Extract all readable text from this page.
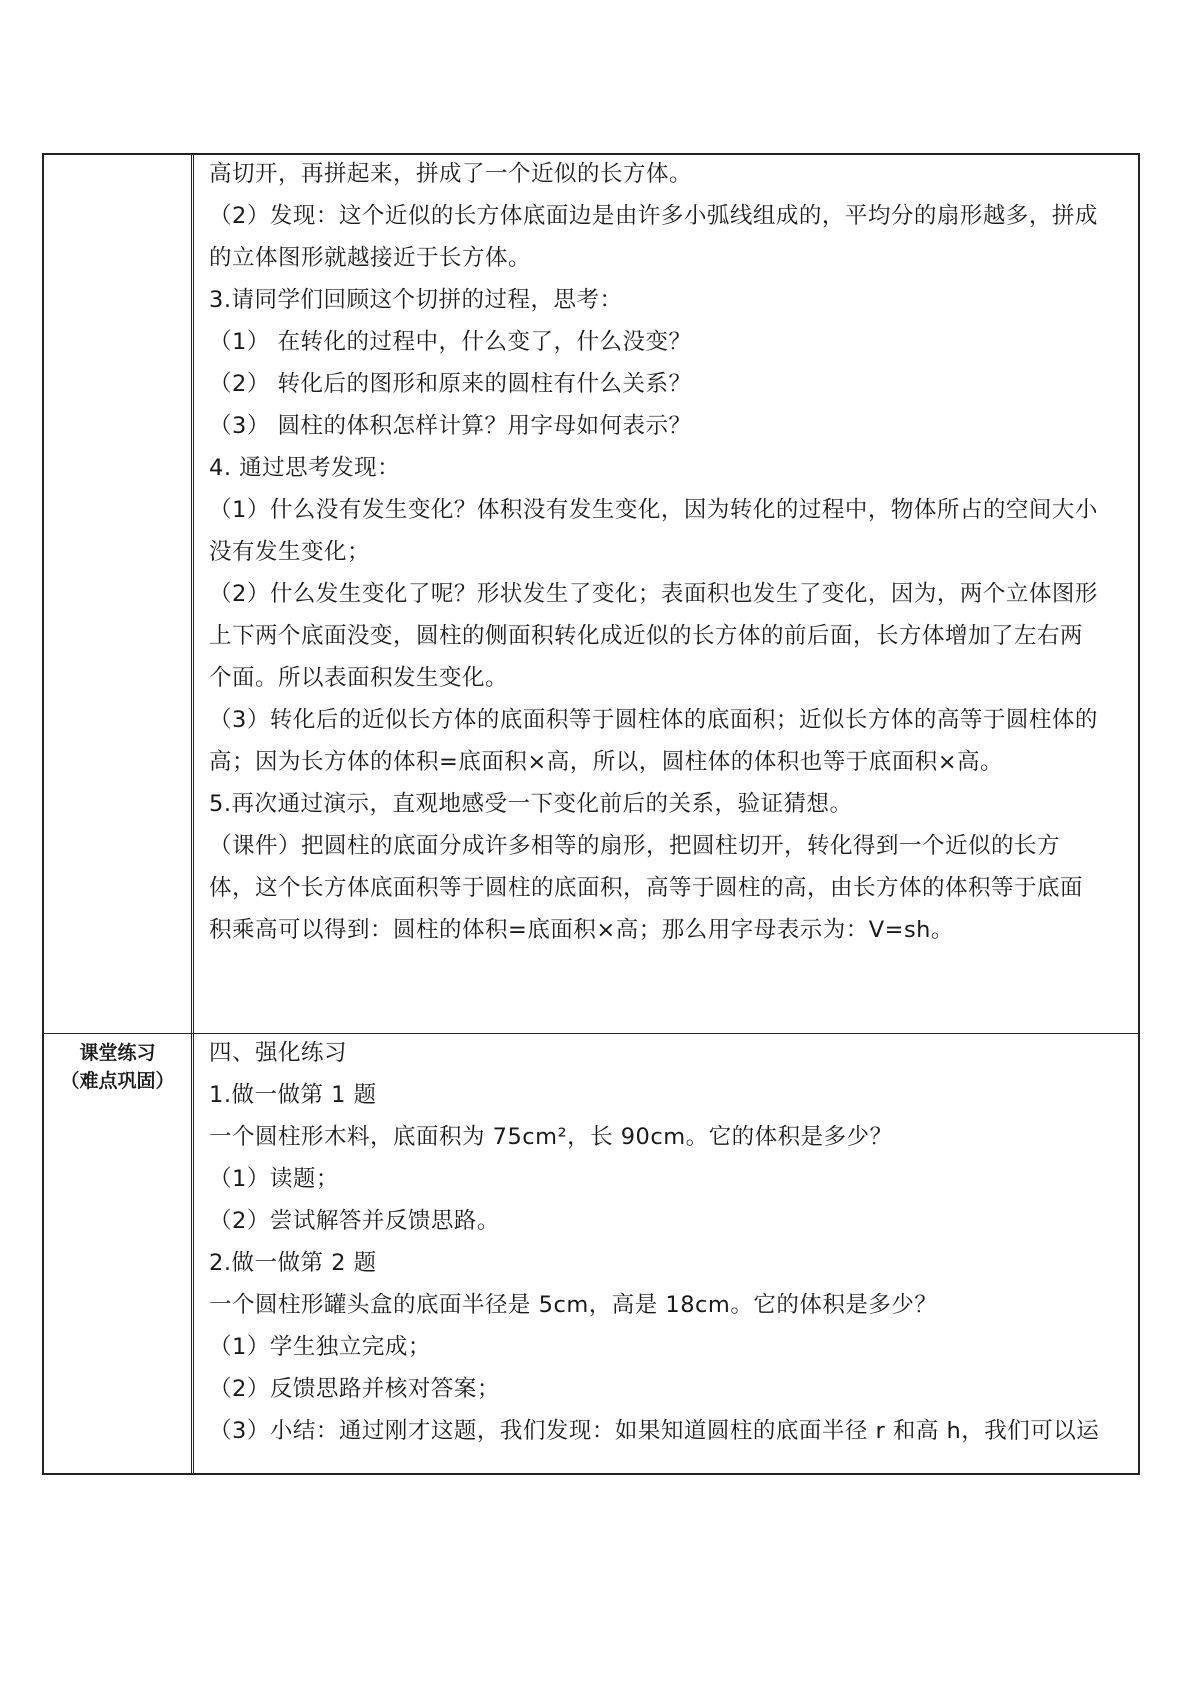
高切开，再拼起来，拼成了一个近似的长方体。
（2）发现：这个近似的长方体底面边是由许多小弧线组成的，平均分的扇形越多，拼成
的立体图形就越接近于长方体。
3.请同学们回顾这个切拼的过程，思考：
（1） 在转化的过程中，什么变了，什么没变？
（2） 转化后的图形和原来的圆柱有什么关系？
（3） 圆柱的体积怎样计算？用字母如何表示？
4. 通过思考发现：
（1）什么没有发生变化？体积没有发生变化，因为转化的过程中，物体所占的空间大小
没有发生变化；
（2）什么发生变化了呢？形状发生了变化；表面积也发生了变化，因为，两个立体图形
上下两个底面没变，圆柱的侧面积转化成近似的长方体的前后面，长方体增加了左右两
个面。所以表面积发生变化。
（3）转化后的近似长方体的底面积等于圆柱体的底面积；近似长方体的高等于圆柱体的
高；因为长方体的体积=底面积×高，所以，圆柱体的体积也等于底面积×高。
5.再次通过演示，直观地感受一下变化前后的关系，验证猜想。
（课件）把圆柱的底面分成许多相等的扇形，把圆柱切开，转化得到一个近似的长方
体，这个长方体底面积等于圆柱的底面积，高等于圆柱的高，由长方体的体积等于底面
积乘高可以得到：圆柱的体积=底面积×高；那么用字母表示为：V=sh。
课堂练习
（难点巩固）
四、强化练习
1.做一做第 1 题
一个圆柱形木料，底面积为 75cm²，长 90cm。它的体积是多少？
（1）读题；
（2）尝试解答并反馈思路。
2.做一做第 2 题
一个圆柱形罐头盒的底面半径是 5cm，高是 18cm。它的体积是多少？
（1）学生独立完成；
（2）反馈思路并核对答案；
（3）小结：通过刚才这题，我们发现：如果知道圆柱的底面半径 r 和高 h，我们可以运
